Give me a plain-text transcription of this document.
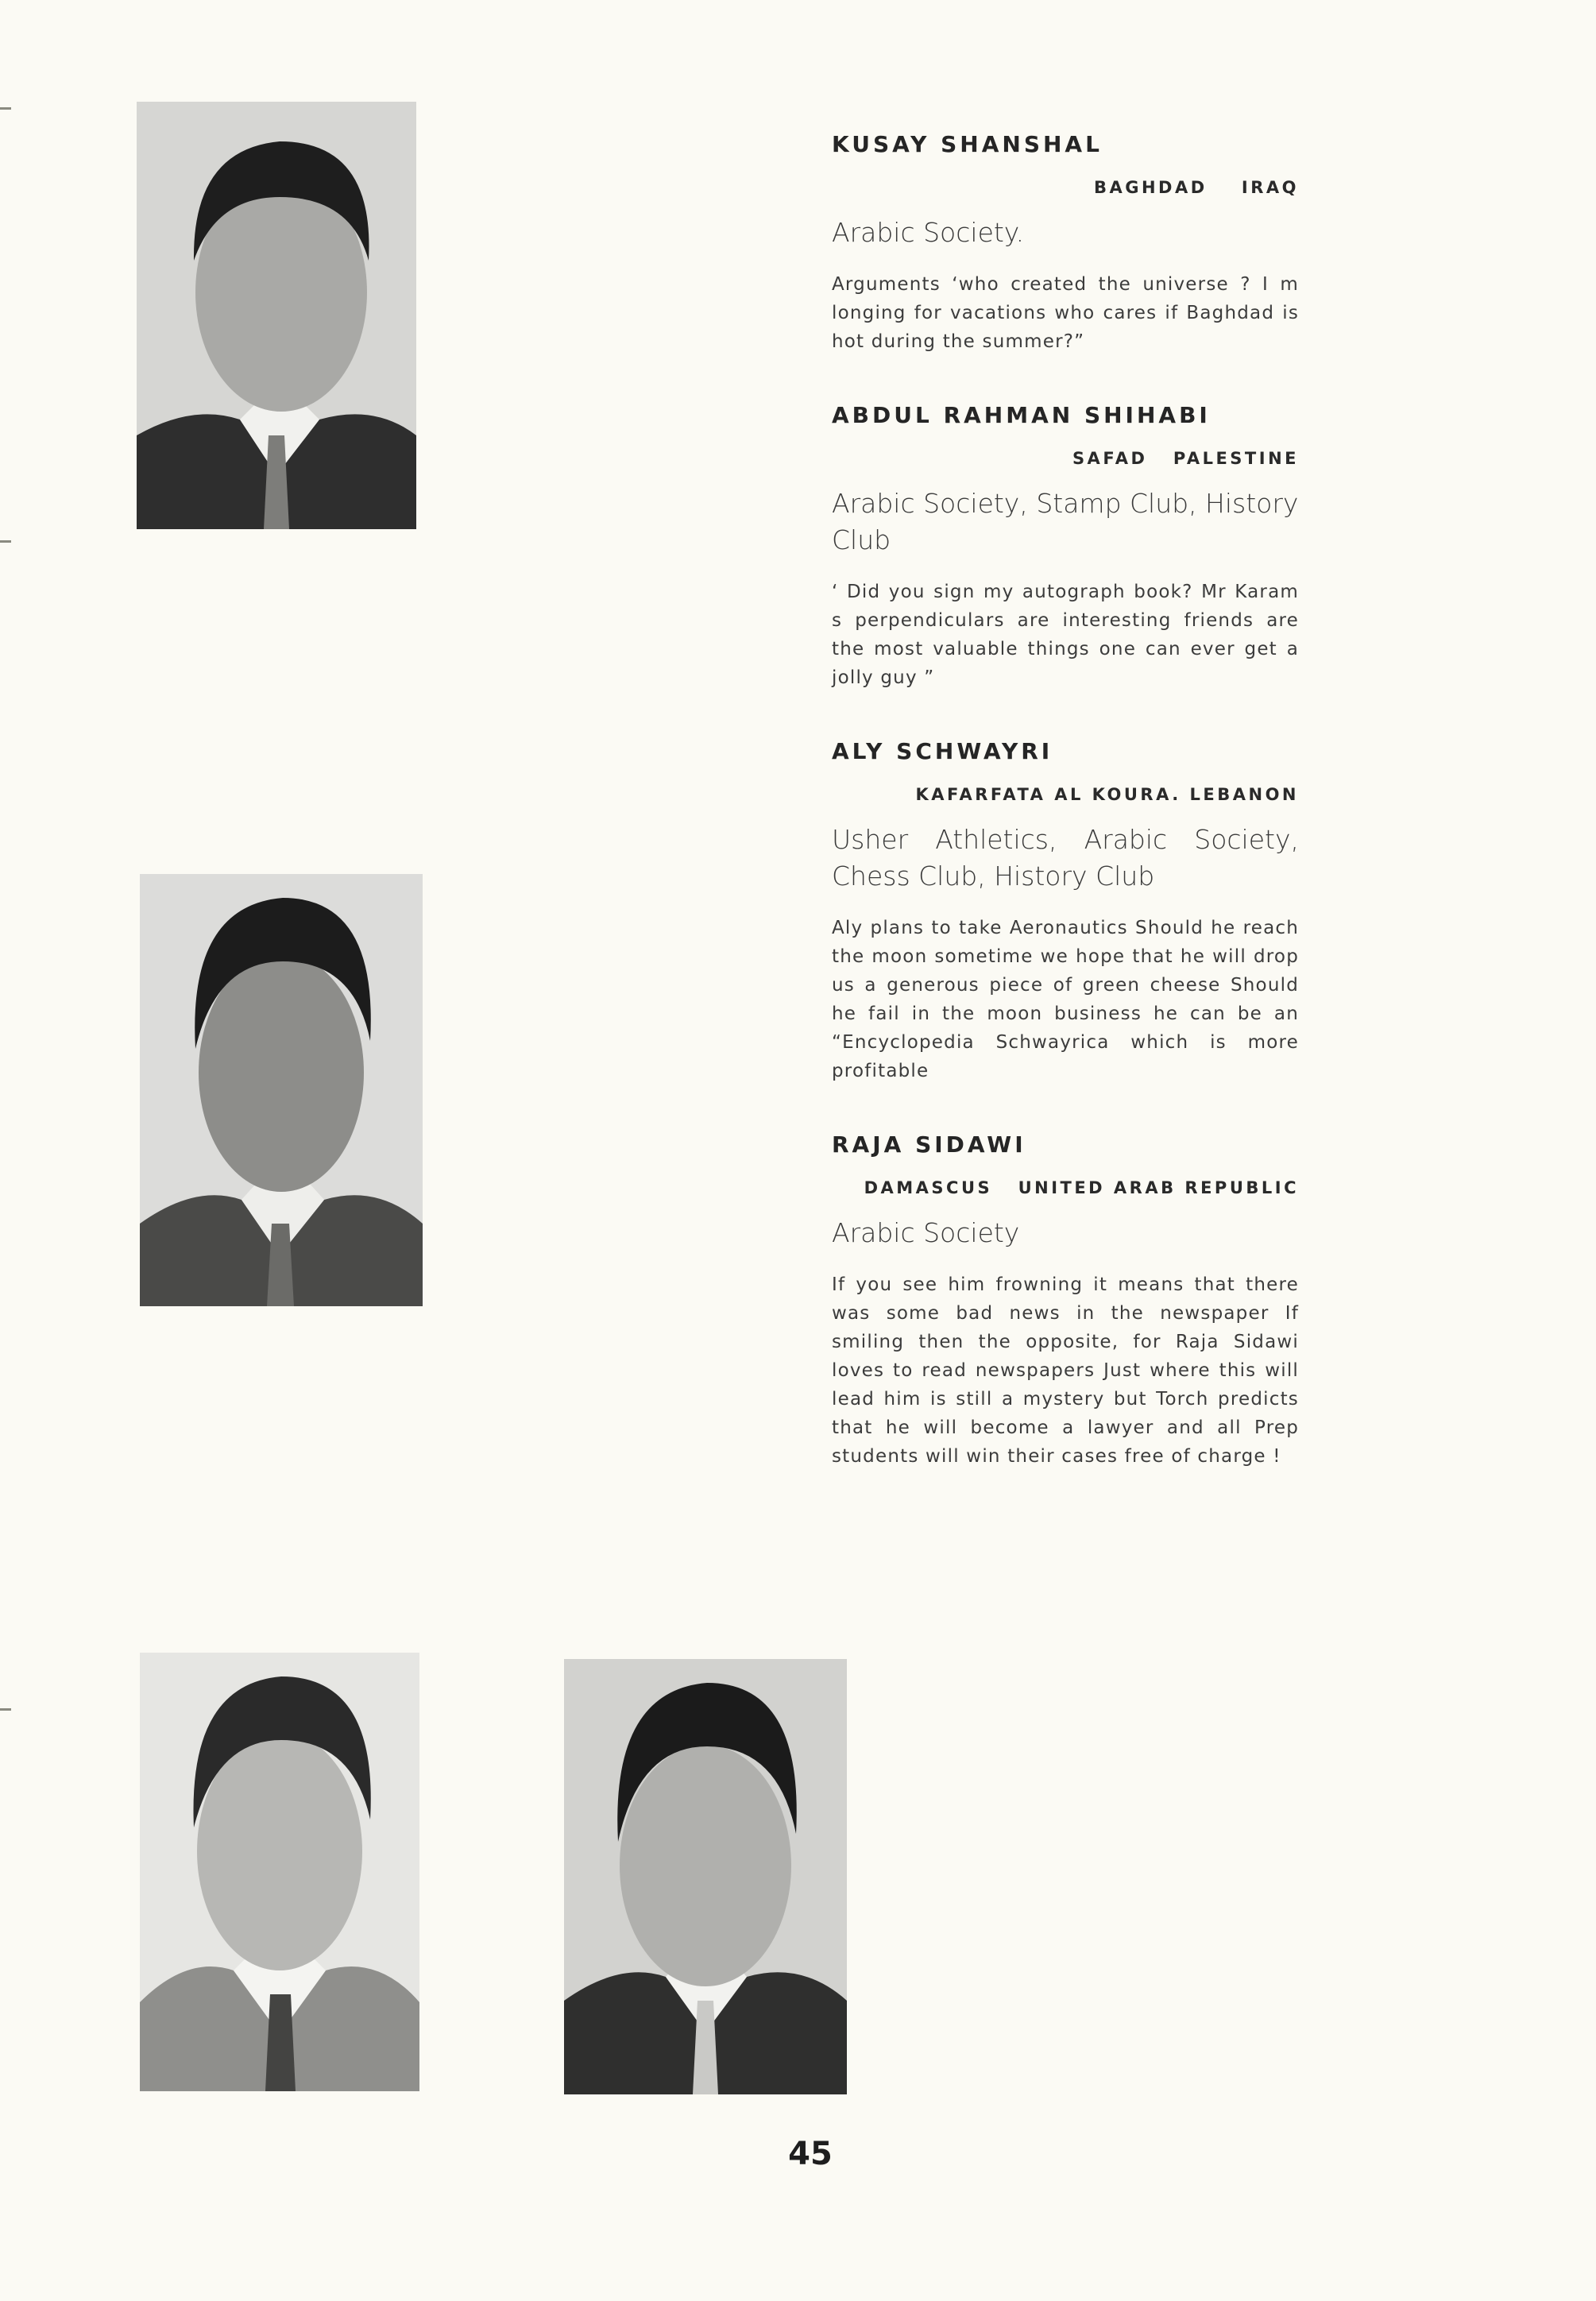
KUSAY SHANSHAL
BAGHDAD    IRAQ
Arabic Society.

Arguments ‘who created the universe ? I m longing for vacations who cares if Baghdad is hot during the summer?”

ABDUL RAHMAN SHIHABI
SAFAD   PALESTINE
Arabic Society, Stamp Club, History Club

‘ Did you sign my autograph book? Mr Karam s perpendiculars are interesting friends are the most valuable things one can ever get a jolly guy ”

ALY SCHWAYRI
KAFARFATA AL KOURA. LEBANON
Usher Athletics, Arabic Society, Chess Club, History Club

Aly plans to take Aeronautics Should he reach the moon sometime we hope that he will drop us a generous piece of green cheese Should he fail in the moon business he can be an “Encyclopedia Schwayrica which is more profitable

RAJA SIDAWI
DAMASCUS   UNITED ARAB REPUBLIC
Arabic Society

If you see him frowning it means that there was some bad news in the newspaper If smiling then the opposite, for Raja Sidawi loves to read newspapers Just where this will lead him is still a mystery but Torch predicts that he will become a lawyer and all Prep students will win their cases free of charge !

45
